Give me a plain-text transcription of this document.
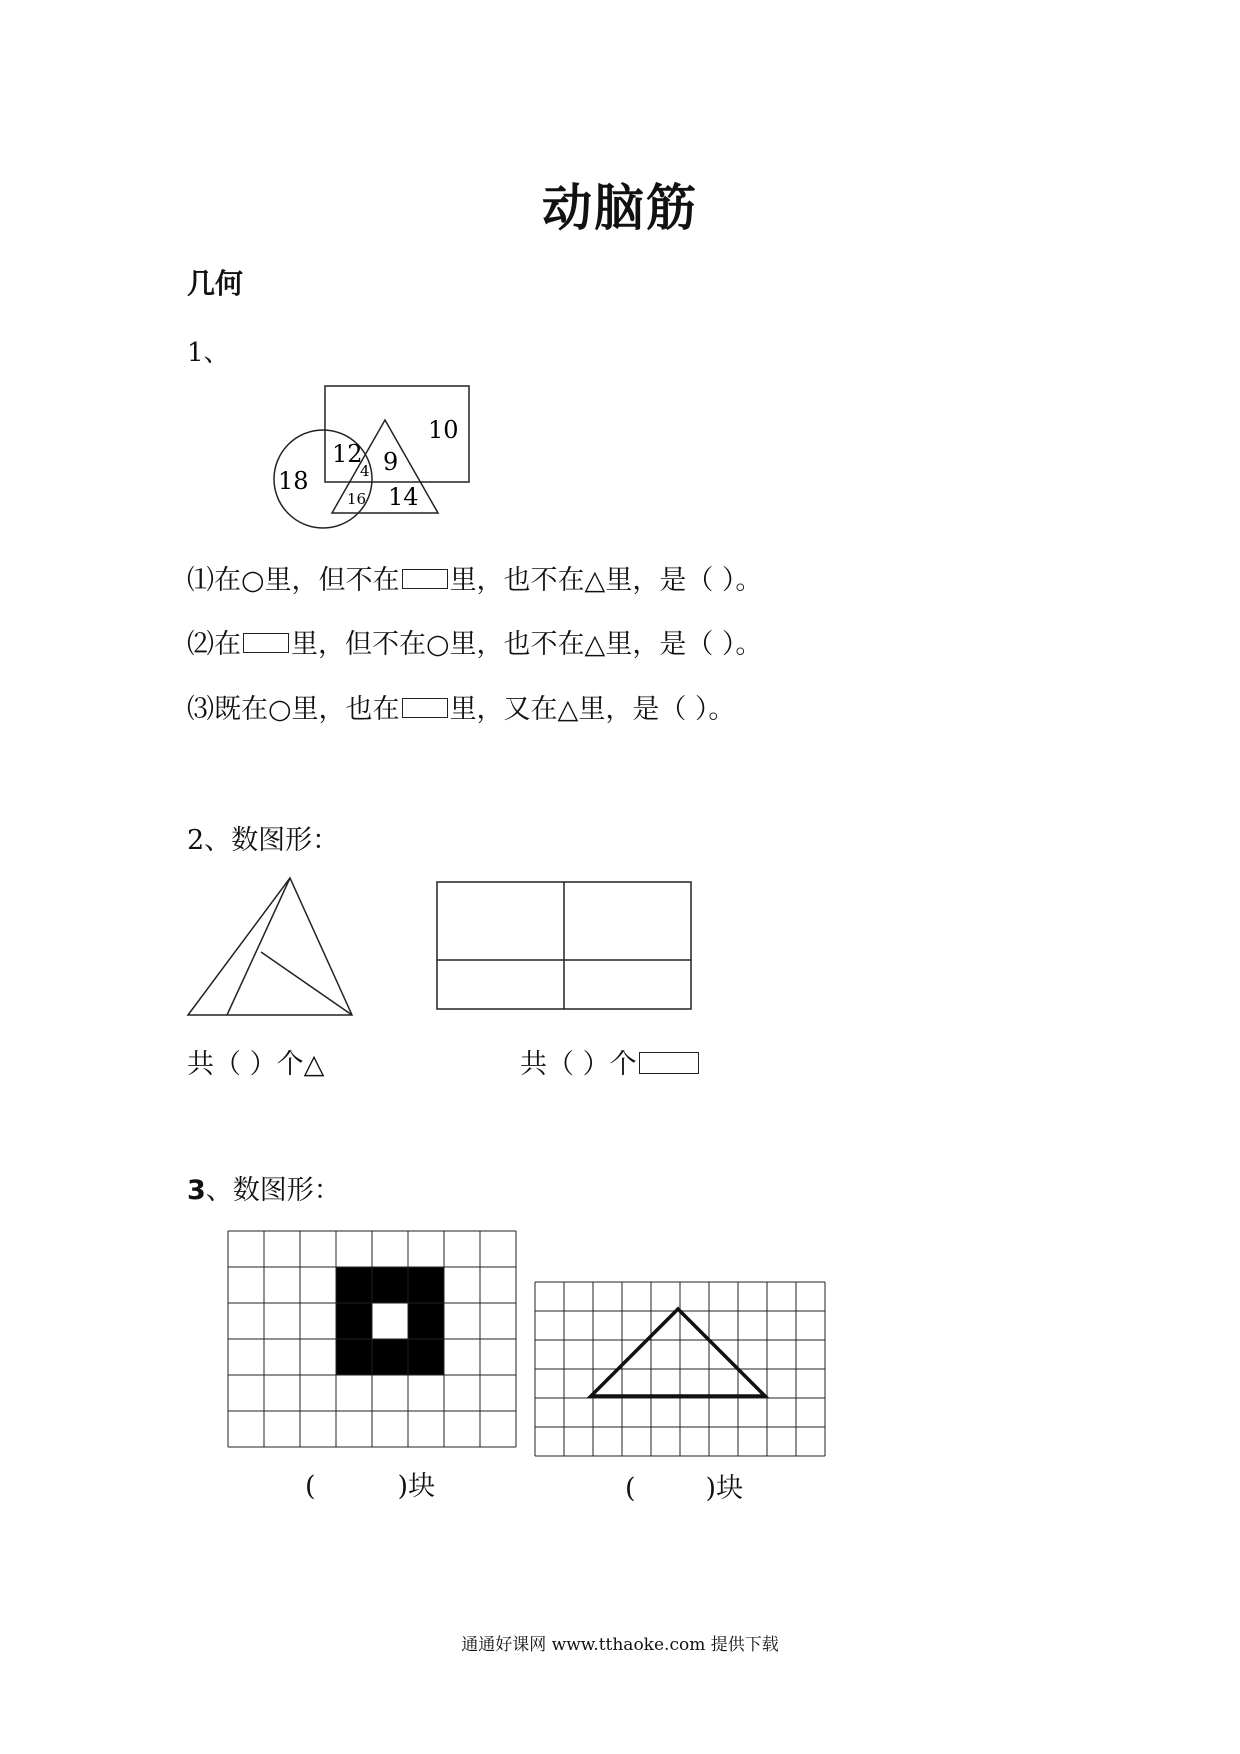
动脑筋
几何
1、
10
18
12
4 9
16 14
⑴在○里，但不在 里，也不在△里，是（ ）。
⑵在 里，但不在○里，也不在△里，是（ ）。
⑶既在○里，也在 里，又在△里，是（ ）。
2、数图形：
共（ ）个△	共（ ）个
3、数图形：
(	)块	(	)块
通通好课网 www.tthaoke.com 提供下载
